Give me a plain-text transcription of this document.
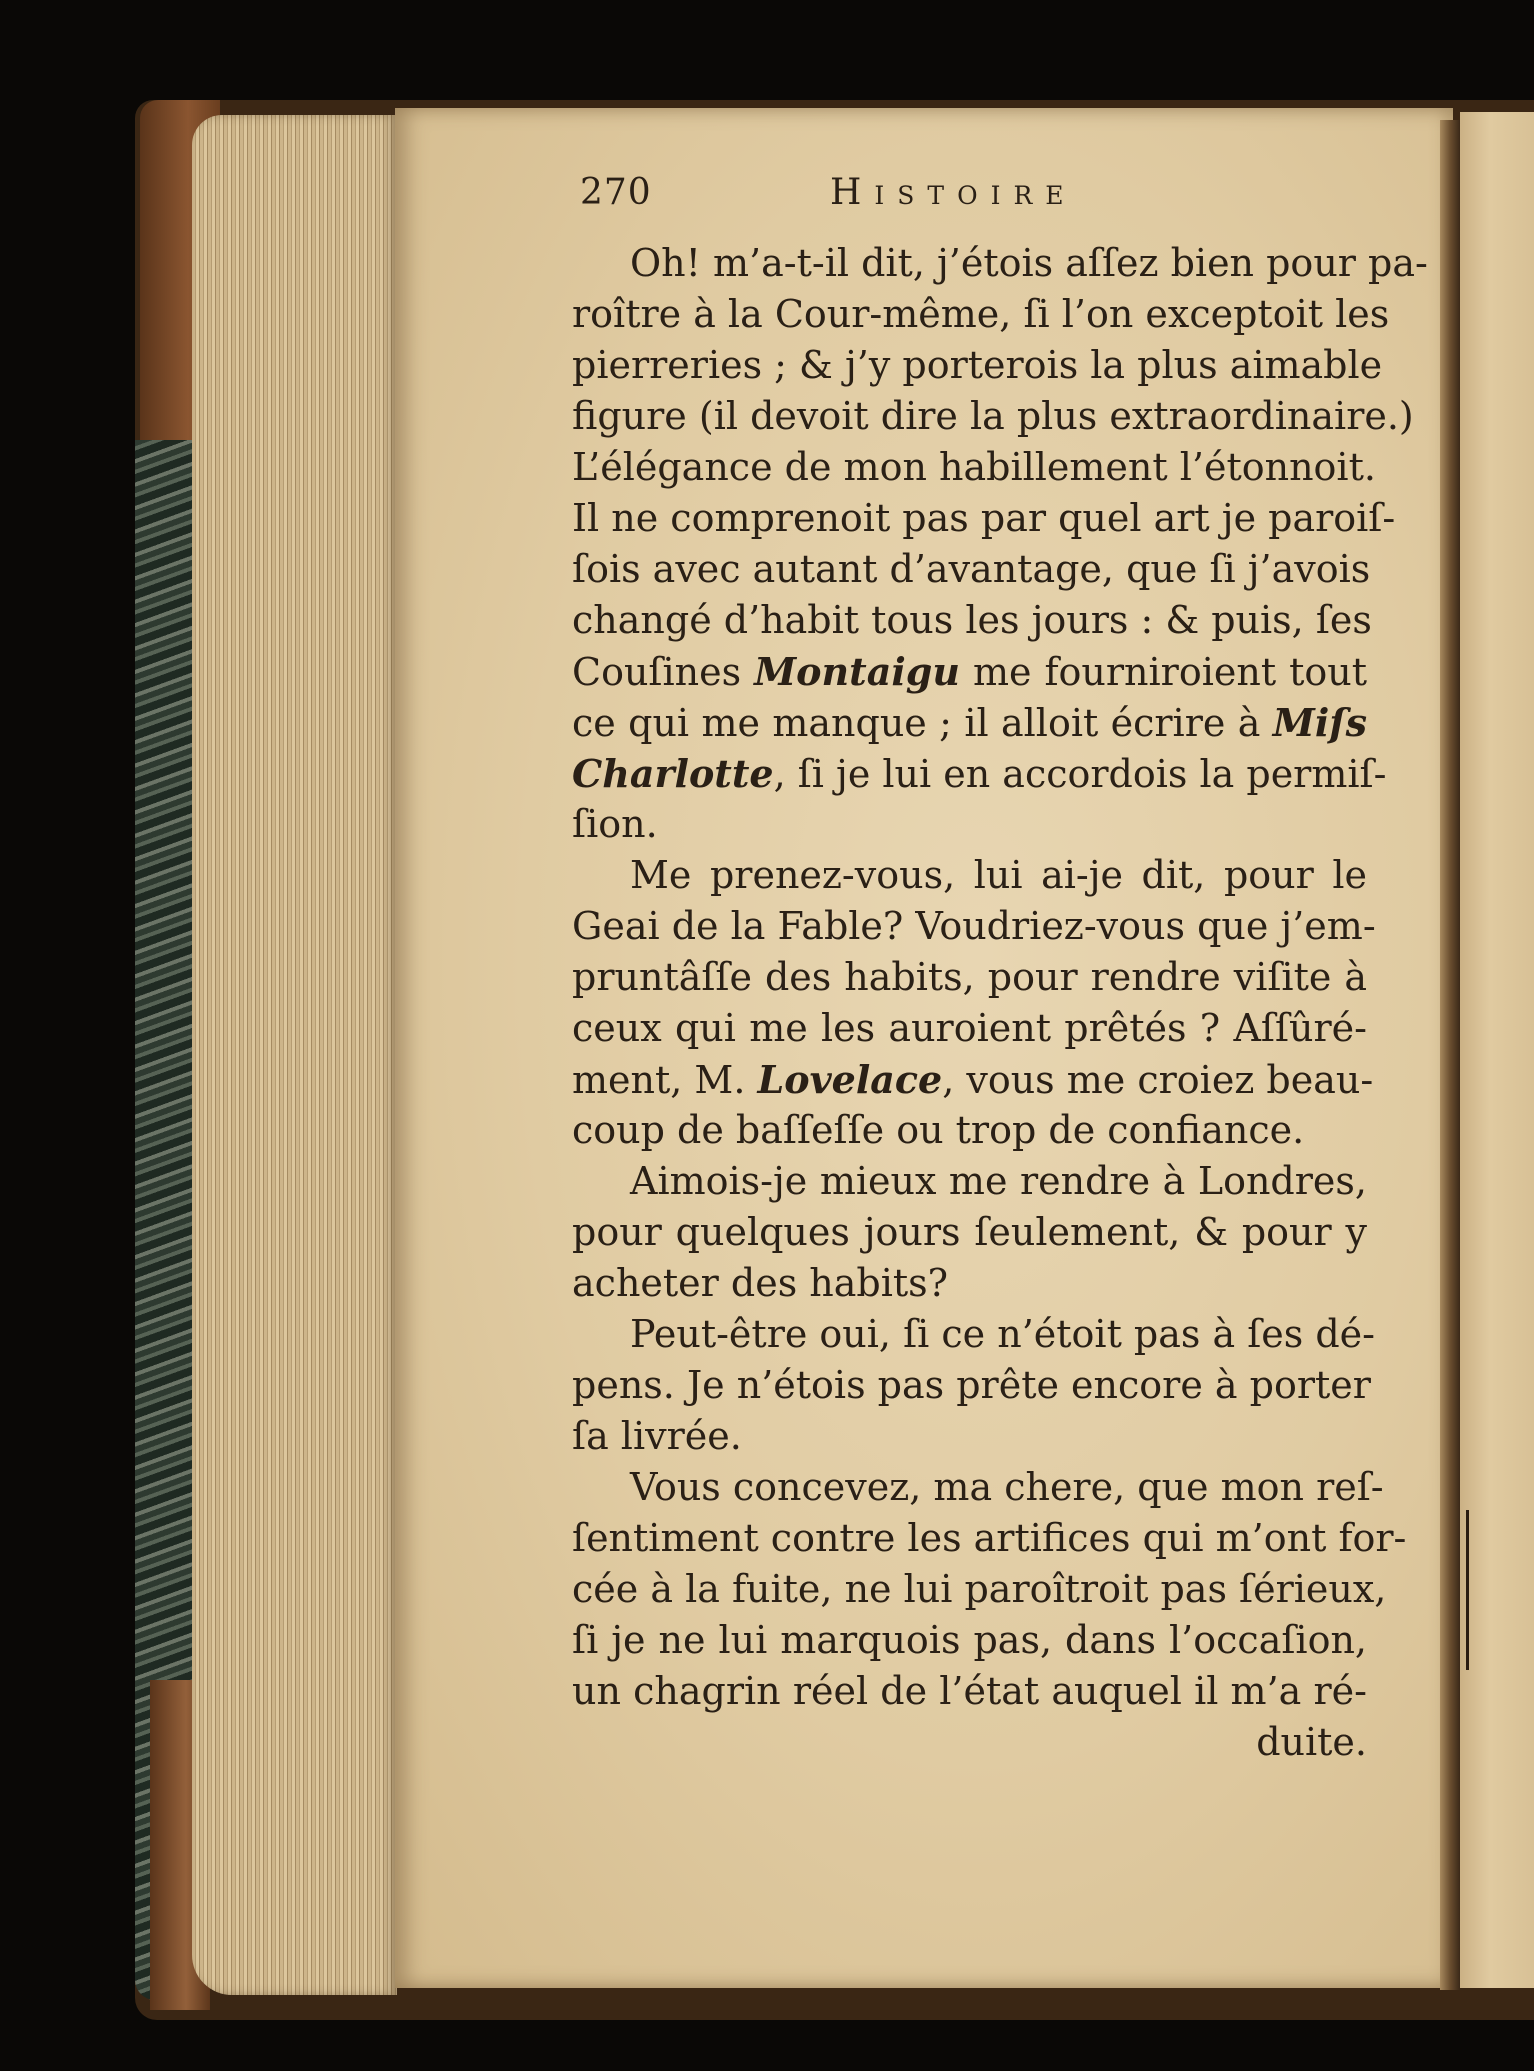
270	Histoire
Oh! m’a-t-il dit, j’étois aſſez bien pour pa-
roître à la Cour-même, ſi l’on exceptoit les
pierreries ; & j’y porterois la plus aimable
figure (il devoit dire la plus extraordinaire.)
L’élégance de mon habillement l’étonnoit.
Il ne comprenoit pas par quel art je paroiſ-
ſois avec autant d’avantage, que ſi j’avois
changé d’habit tous les jours : & puis, ſes
Couſines Montaigu me fourniroient tout
ce qui me manque ; il alloit écrire à Miſs
Charlotte, ſi je lui en accordois la permiſ-
ſion.
Me prenez-vous, lui ai-je dit, pour le
Geai de la Fable? Voudriez-vous que j’em-
pruntâſſe des habits, pour rendre viſite à
ceux qui me les auroient prêtés ? Aſſûré-
ment, M. Lovelace, vous me croiez beau-
coup de baſſeſſe ou trop de confiance.
Aimois-je mieux me rendre à Londres,
pour quelques jours ſeulement, & pour y
acheter des habits?
Peut-être oui, ſi ce n’étoit pas à ſes dé-
pens. Je n’étois pas prête encore à porter
ſa livrée.
Vous concevez, ma chere, que mon reſ-
ſentiment contre les artifices qui m’ont for-
cée à la fuite, ne lui paroîtroit pas ſérieux,
ſi je ne lui marquois pas, dans l’occaſion,
un chagrin réel de l’état auquel il m’a ré-
duite.
